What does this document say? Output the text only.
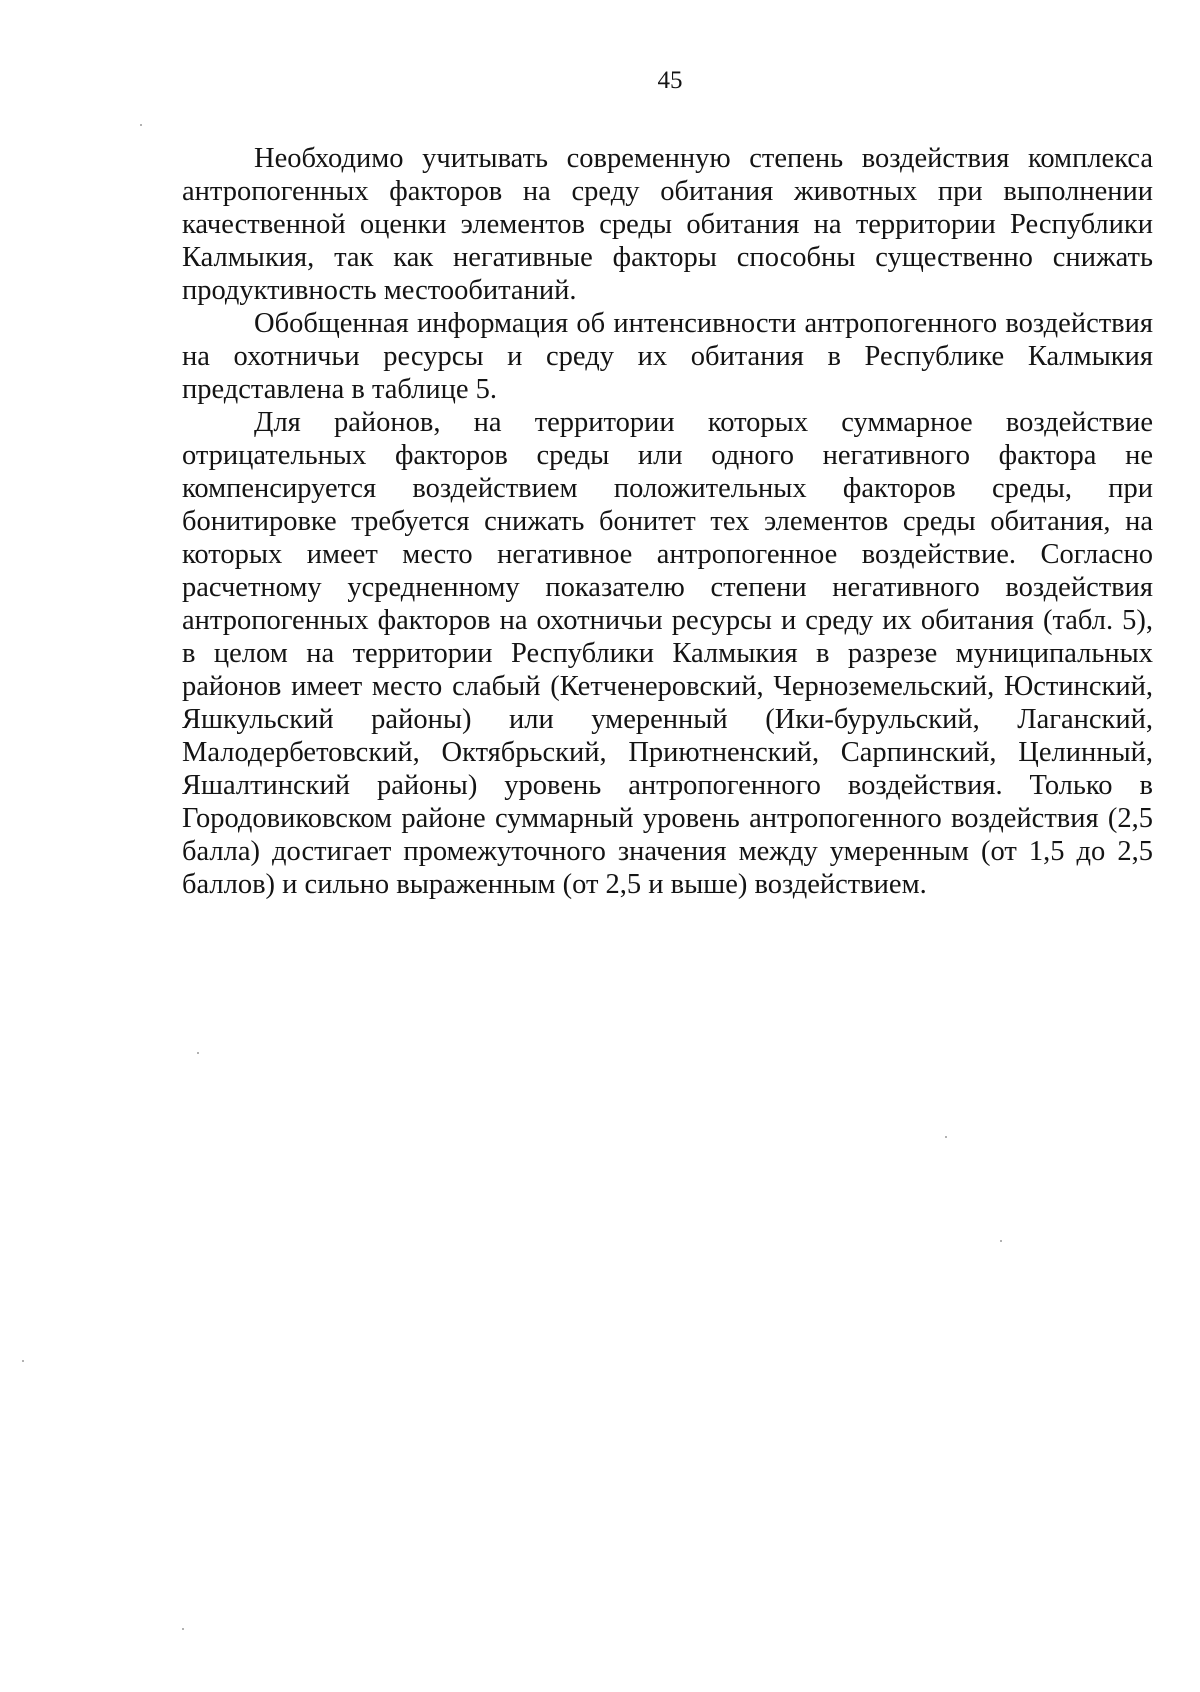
45

Необходимо учитывать современную степень воздействия комплекса антропогенных факторов на среду обитания животных при выполнении качественной оценки элементов среды обитания на территории Республики Калмыкия, так как негативные факторы способны существенно снижать продуктивность местообитаний.

Обобщенная информация об интенсивности антропогенного воздействия на охотничьи ресурсы и среду их обитания в Республике Калмыкия представлена в таблице 5.

Для районов, на территории которых суммарное воздействие отрицательных факторов среды или одного негативного фактора не компенсируется воздействием положительных факторов среды, при бонитировке требуется снижать бонитет тех элементов среды обитания, на которых имеет место негативное антропогенное воздействие. Согласно расчетному усредненному показателю степени негативного воздействия антропогенных факторов на охотничьи ресурсы и среду их обитания (табл. 5), в целом на территории Республики Калмыкия в разрезе муниципальных районов имеет место слабый (Кетченеровский, Черноземельский, Юстинский, Яшкульский районы) или умеренный (Ики-бурульский, Лаганский, Малодербетовский, Октябрьский, Приютненский, Сарпинский, Целинный, Яшалтинский районы) уровень антропогенного воздействия. Только в Городовиковском районе суммарный уровень антропогенного воздействия (2,5 балла) достигает промежуточного значения между умеренным (от 1,5 до 2,5 баллов) и сильно выраженным (от 2,5 и выше) воздействием.
